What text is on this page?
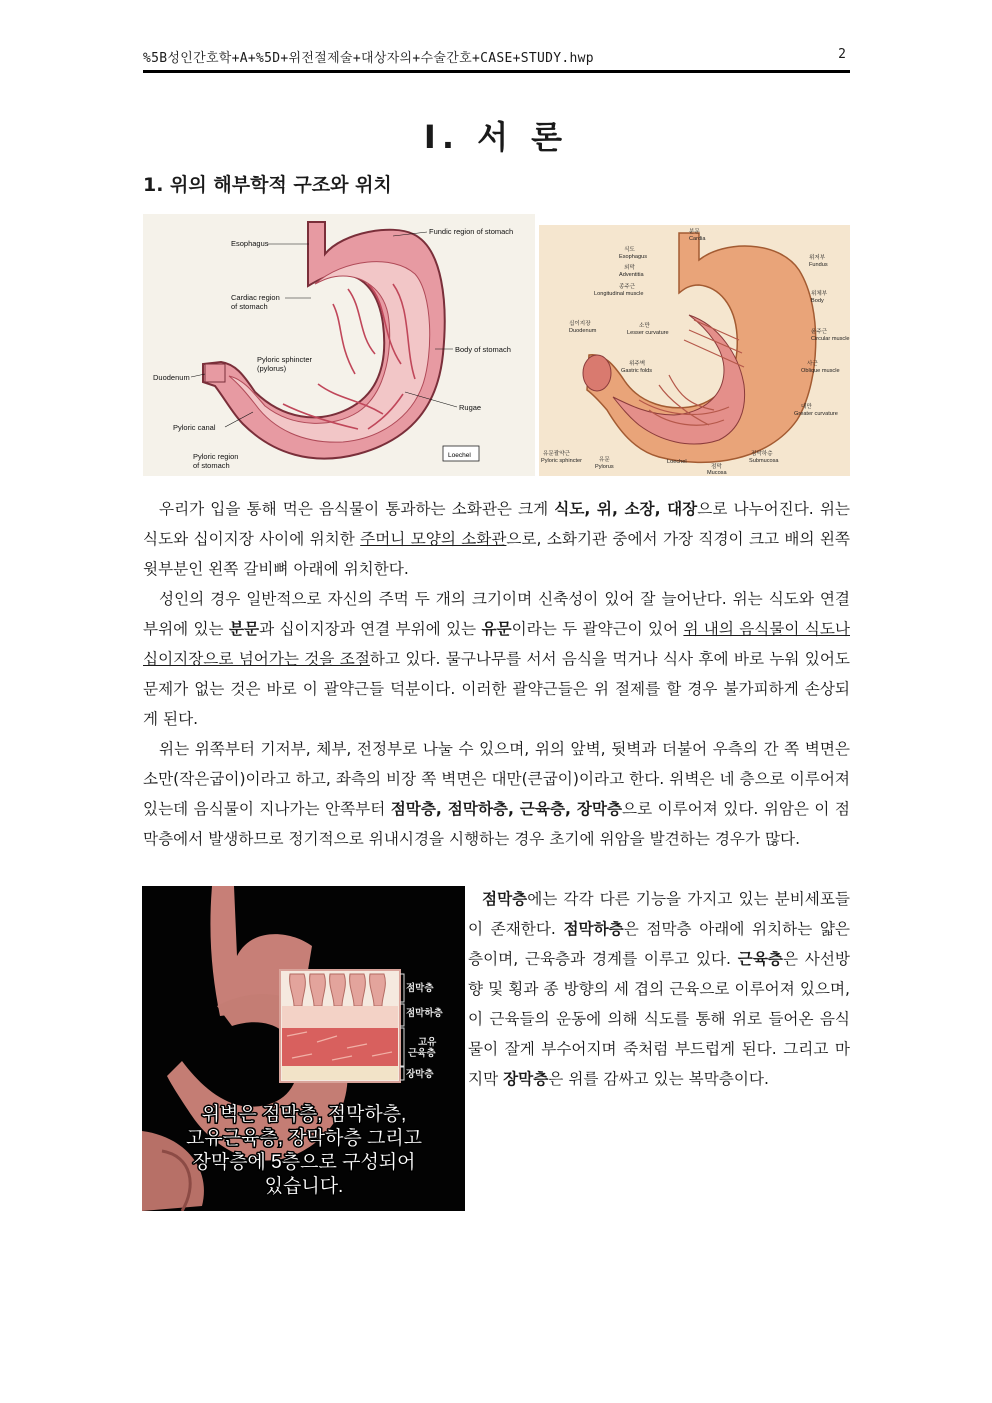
%5B성인간호학+A+%5D+위전절제술+대상자의+수술간호+CASE+STUDY.hwp	2
I. 서 론
1. 위의 해부학적 구조와 위치
Fundic region of stomach
Esophagus
Cardiac region
of stomach
Body of stomach
Pyloric sphincter
(pylorus)
Duodenum
Rugae
Pyloric canal
Pyloric region
of stomach
Loechel
분문
Cardia
식도
Esophagus
외막
Adventitia
종주근
Longitudinal muscle
위저부
Fundus
위체부
Body
윤주근
Circular muscle
십이지장
Duodenum
소만
Lesser curvature
위주벽
Gastric folds
사근
Oblique muscle
대만
Greater curvature
유문괄약근
Pyloric sphincter	유문
Pylorus	점막
Mucosa
점막하층
Submucosa
Loechel

우리가 입을 통해 먹은 음식물이 통과하는 소화관은 크게 식도, 위, 소장, 대장으로 나누어진다. 위는 식도와 십이지장 사이에 위치한 주머니 모양의 소화관으로, 소화기관 중에서 가장 직경이 크고 배의 왼쪽 윗부분인 왼쪽 갈비뼈 아래에 위치한다.

성인의 경우 일반적으로 자신의 주먹 두 개의 크기이며 신축성이 있어 잘 늘어난다. 위는 식도와 연결 부위에 있는 분문과 십이지장과 연결 부위에 있는 유문이라는 두 괄약근이 있어 위 내의 음식물이 식도나 십이지장으로 넘어가는 것을 조절하고 있다. 물구나무를 서서 음식을 먹거나 식사 후에 바로 누워 있어도 문제가 없는 것은 바로 이 괄약근들 덕분이다. 이러한 괄약근들은 위 절제를 할 경우 불가피하게 손상되게 된다.

위는 위쪽부터 기저부, 체부, 전정부로 나눌 수 있으며, 위의 앞벽, 뒷벽과 더불어 우측의 간 쪽 벽면은 소만(작은굽이)이라고 하고, 좌측의 비장 쪽 벽면은 대만(큰굽이)이라고 한다. 위벽은 네 층으로 이루어져 있는데 음식물이 지나가는 안쪽부터 점막층, 점막하층, 근육층, 장막층으로 이루어져 있다. 위암은 이 점막층에서 발생하므로 정기적으로 위내시경을 시행하는 경우 초기에 위암을 발견하는 경우가 많다.

점막층
점막하층
고유
근육층
장막층
위벽은 점막층, 점막하층,
고유근육층, 장막하층 그리고
장막층에 5층으로 구성되어
있습니다.

점막층에는 각각 다른 기능을 가지고 있는 분비세포들이 존재한다. 점막하층은 점막층 아래에 위치하는 얇은 층이며, 근육층과 경계를 이루고 있다. 근육층은 사선방향 및 횡과 종 방향의 세 겹의 근육으로 이루어져 있으며, 이 근육들의 운동에 의해 식도를 통해 위로 들어온 음식물이 잘게 부수어지며 죽처럼 부드럽게 된다. 그리고 마지막 장막층은 위를 감싸고 있는 복막층이다.
